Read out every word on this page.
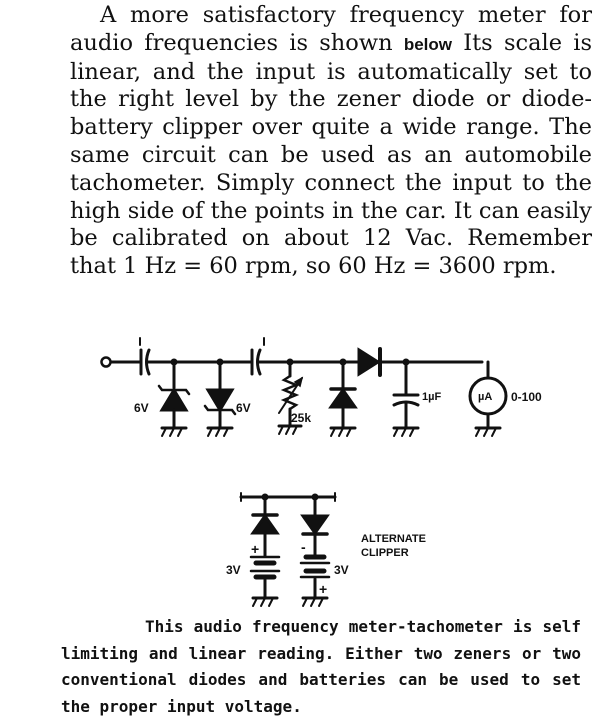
A more satisfactory frequency meter for audio frequencies is shown below Its scale is linear, and the input is automatically set to the right level by the zener diode or diode-battery clipper over quite a wide range. The same circuit can be used as an automobile tachometer. Simply connect the input to the high side of the points in the car. It can easily be calibrated on about 12 Vac. Remember that 1 Hz = 60 rpm, so 60 Hz = 3600 rpm.

6V	6V
25k
1µF	µA 0-100
+	-
+
3V	3V
ALTERNATE
CLIPPER

This audio frequency meter-tachometer is self limiting and linear reading. Either two zeners or two conventional diodes and batteries can be used to set the proper input voltage.
